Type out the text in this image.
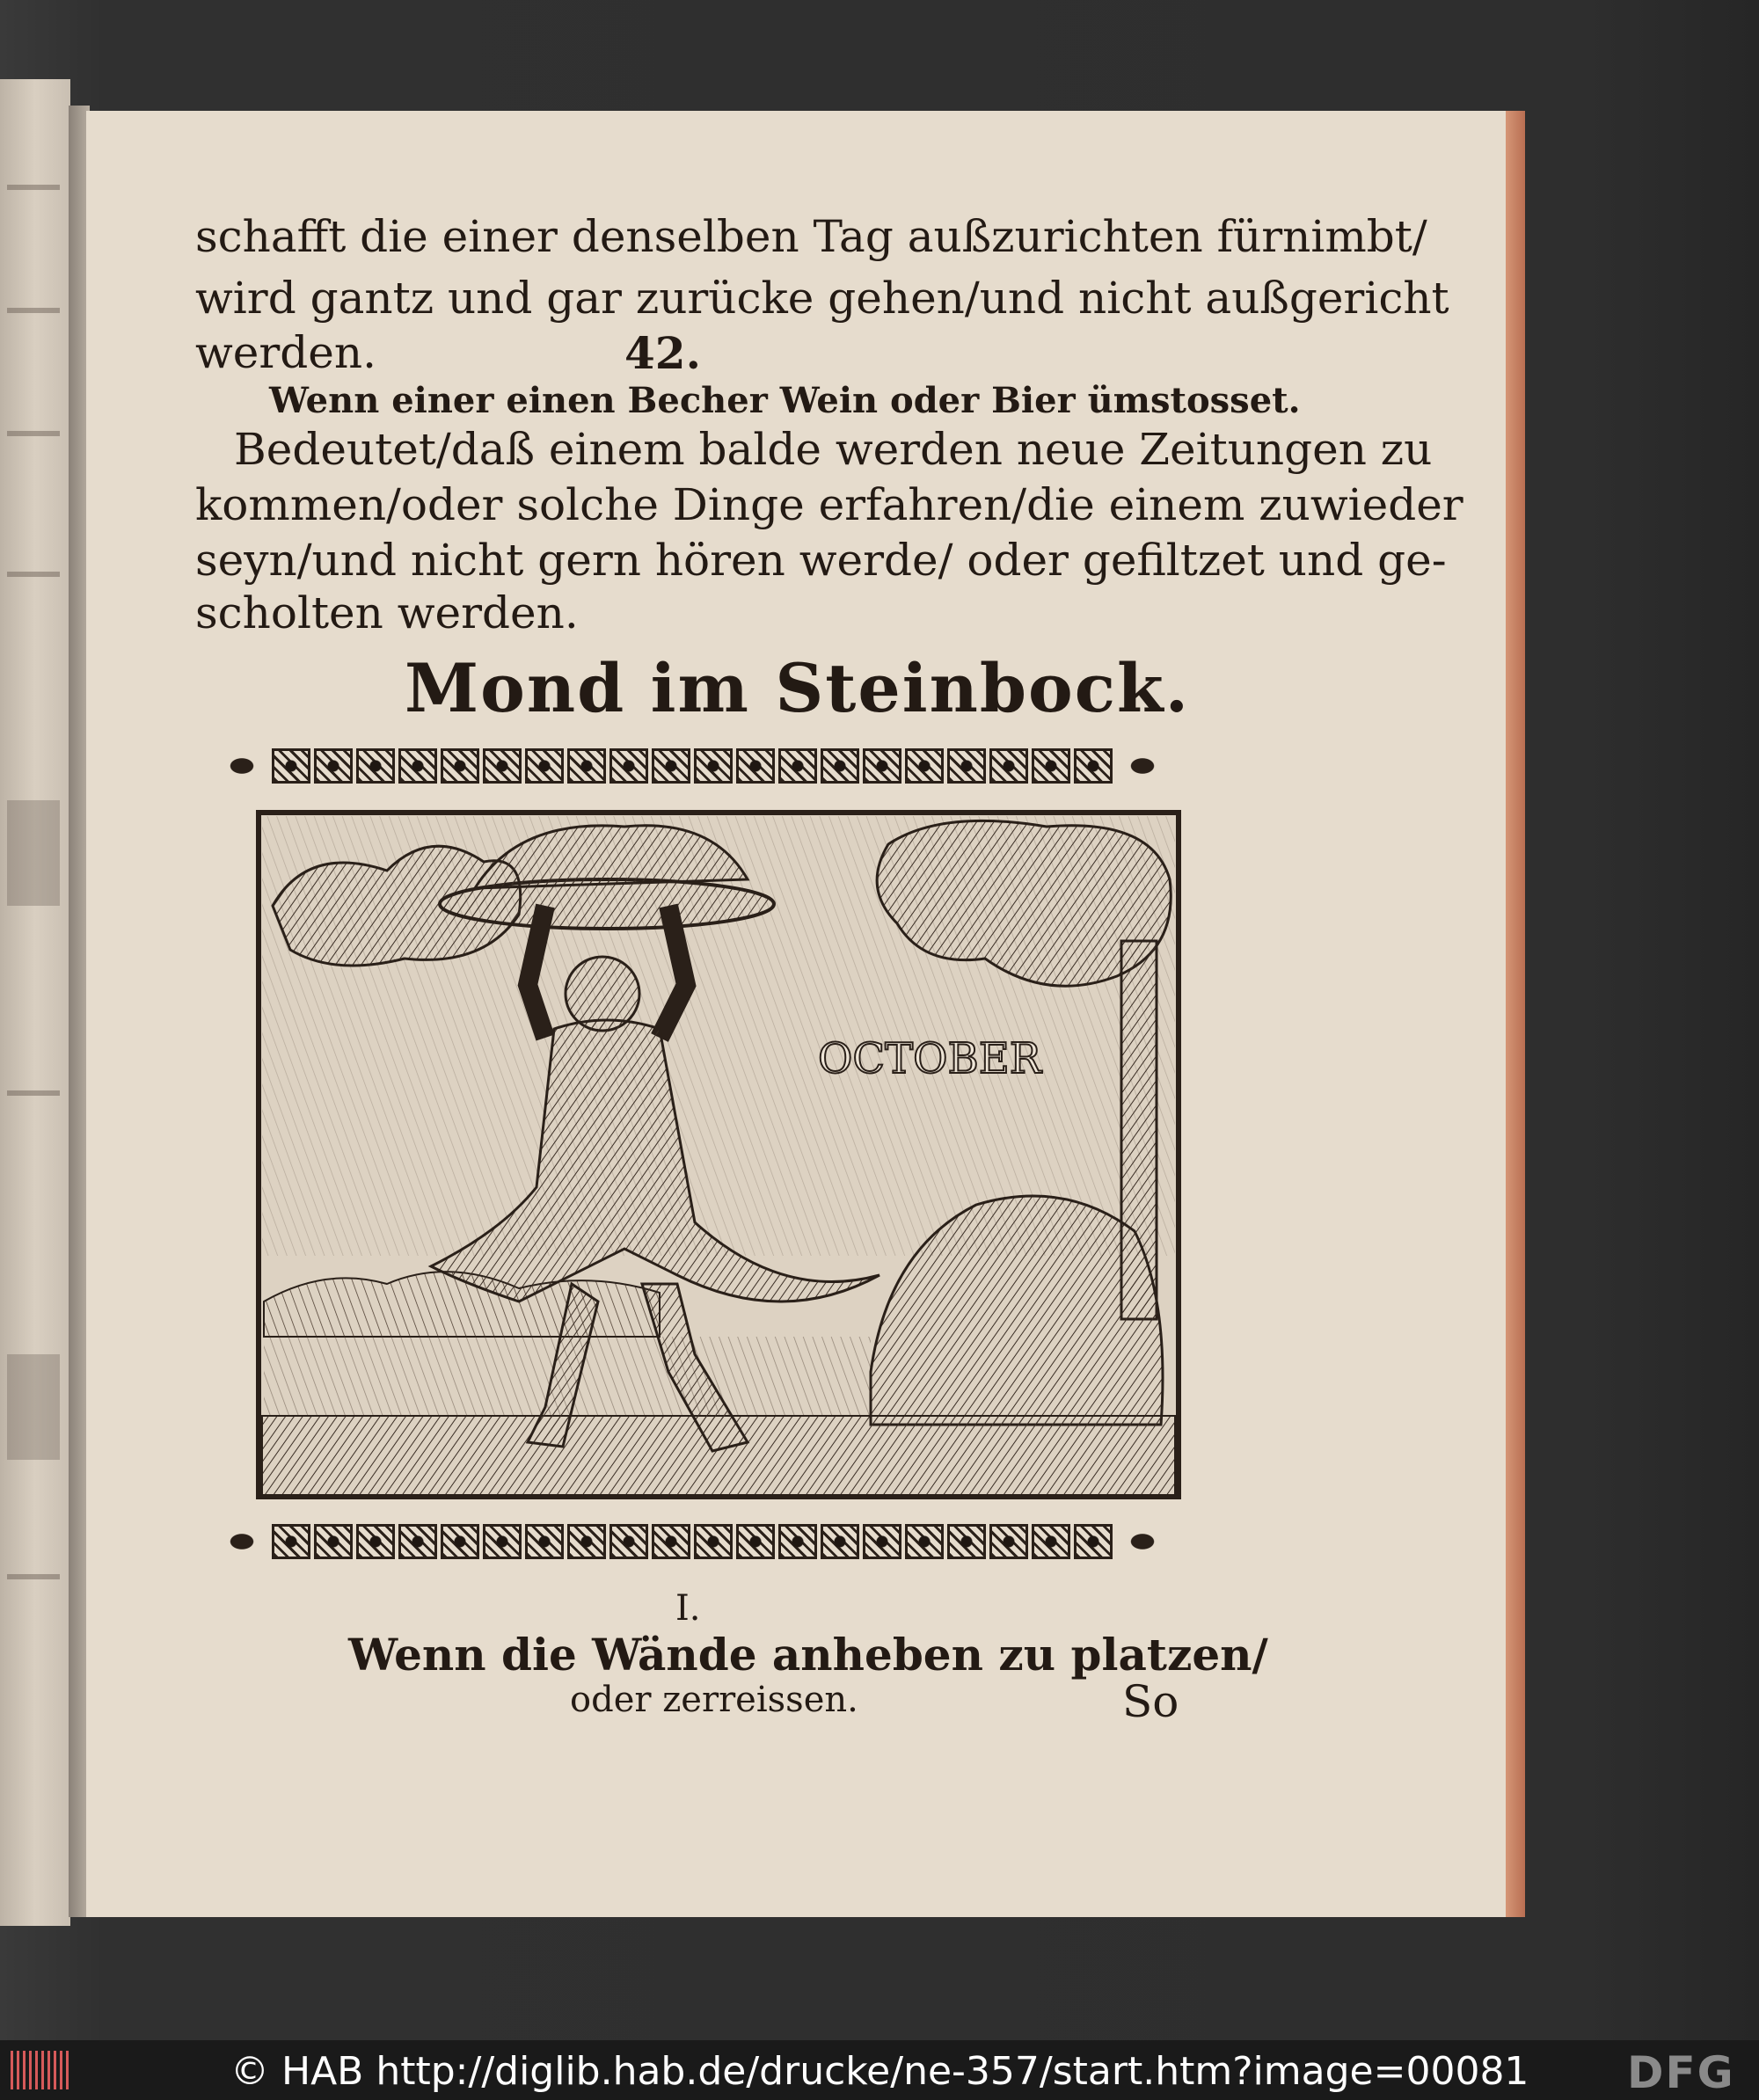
schafft die einer denselben Tag außzurichten fürnimbt/
wird gantz und gar zurücke gehen/und nicht außgericht
werden.	42.
Wenn einer einen Becher Wein oder Bier ümstosset.
Bedeutet/daß einem balde werden neue Zeitungen zu
kommen/oder solche Dinge erfahren/die einem zuwieder
seyn/und nicht gern hören werde/ oder gefiltzet und ge-
scholten werden.
Mond im Steinbock.
OCTOBER
I.
Wenn die Wände anheben zu platzen/
oder zerreissen.	So
© HAB http://diglib.hab.de/drucke/ne-357/start.htm?image=00081 DFG
